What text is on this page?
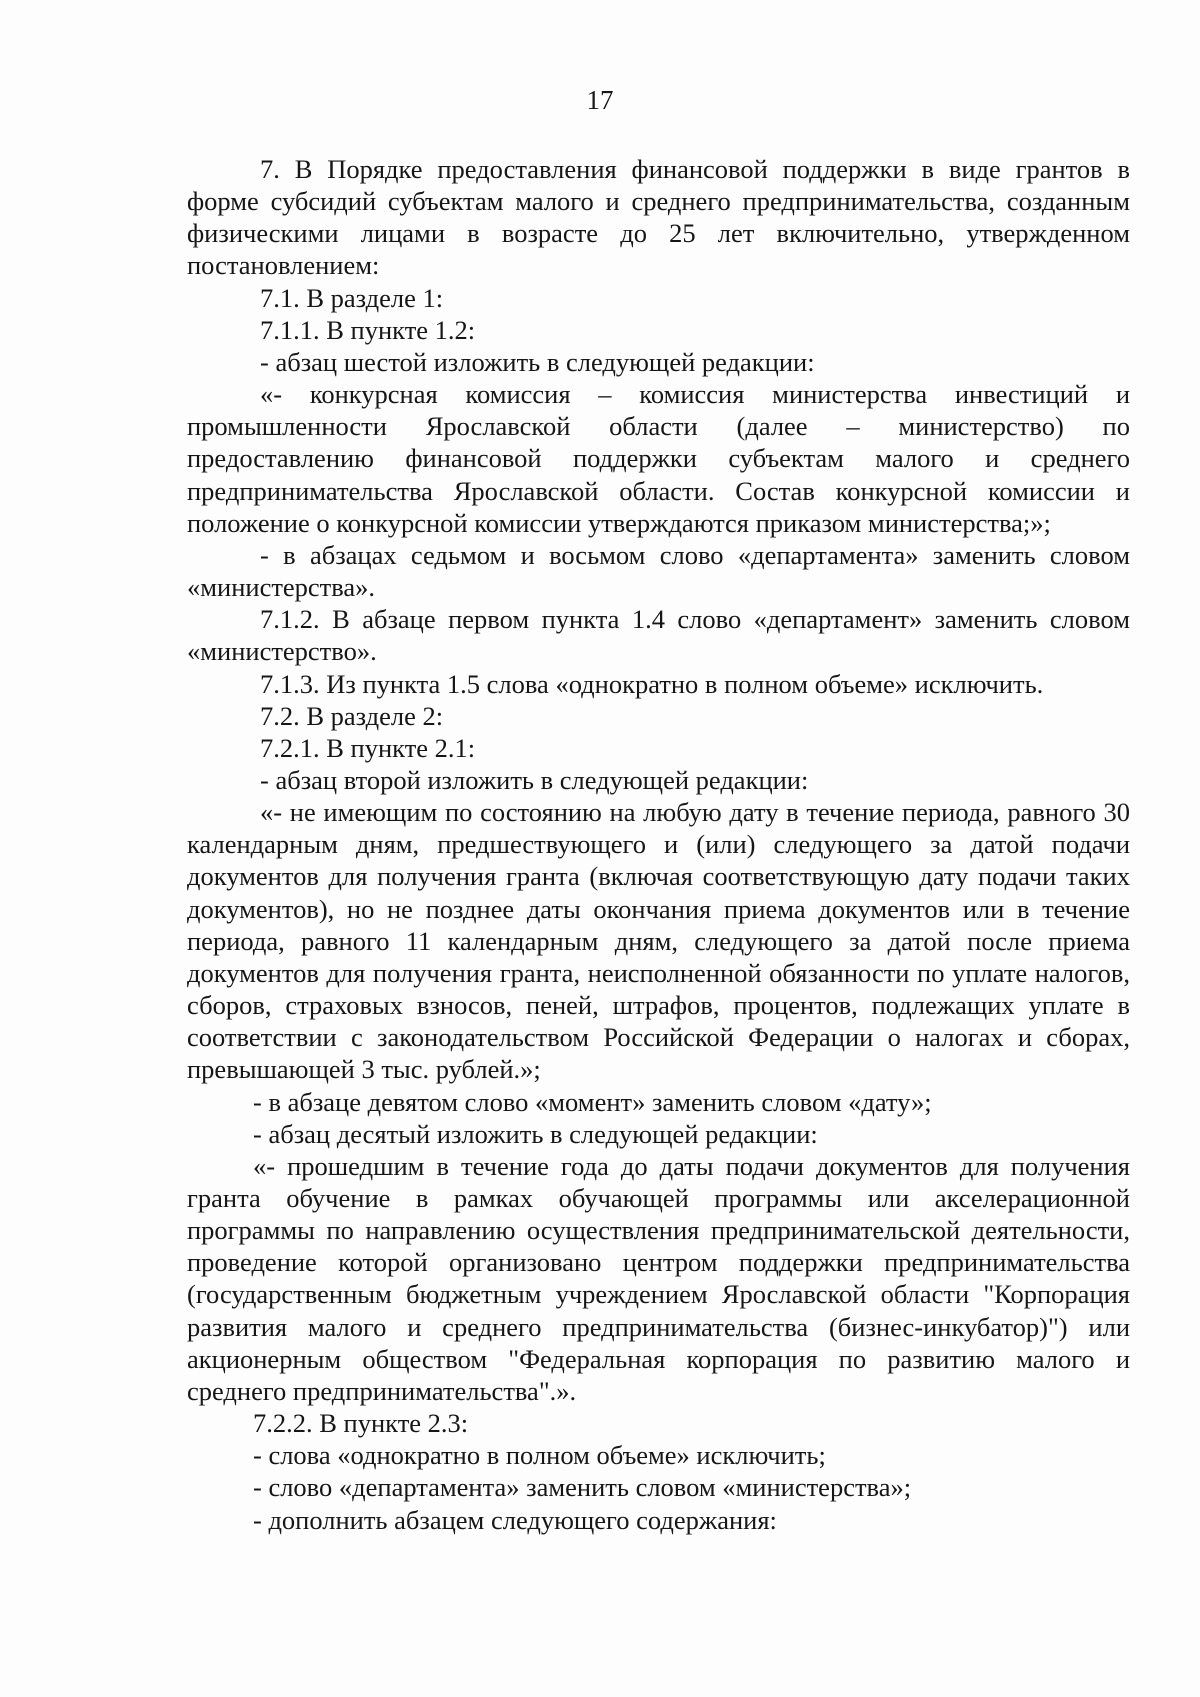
17

7. В Порядке предоставления финансовой поддержки в виде грантов в форме субсидий субъектам малого и среднего предпринимательства, созданным физическими лицами в возрасте до 25 лет включительно, утвержденном постановлением:

7.1. В разделе 1:

7.1.1. В пункте 1.2:

- абзац шестой изложить в следующей редакции:

«- конкурсная комиссия – комиссия министерства инвестиций и промышленности Ярославской области (далее – министерство) по предоставлению финансовой поддержки субъектам малого и среднего предпринимательства Ярославской области. Состав конкурсной комиссии и положение о конкурсной комиссии утверждаются приказом министерства;»;

- в абзацах седьмом и восьмом слово «департамента» заменить словом «министерства».

7.1.2. В абзаце первом пункта 1.4 слово «департамент» заменить словом «министерство».

7.1.3. Из пункта 1.5 слова «однократно в полном объеме» исключить.

7.2. В разделе 2:

7.2.1. В пункте 2.1:

- абзац второй изложить в следующей редакции:

«- не имеющим по состоянию на любую дату в течение периода, равного 30 календарным дням, предшествующего и (или) следующего за датой подачи документов для получения гранта (включая соответствующую дату подачи таких документов), но не позднее даты окончания приема документов или в течение периода, равного 11 календарным дням, следующего за датой после приема документов для получения гранта, неисполненной обязанности по уплате налогов, сборов, страховых взносов, пеней, штрафов, процентов, подлежащих уплате в соответствии с законодательством Российской Федерации о налогах и сборах, превышающей 3 тыс. рублей.»;

- в абзаце девятом слово «момент» заменить словом «дату»;

- абзац десятый изложить в следующей редакции:

«- прошедшим в течение года до даты подачи документов для получения гранта обучение в рамках обучающей программы или акселерационной программы по направлению осуществления предпринимательской деятельности, проведение которой организовано центром поддержки предпринимательства (государственным бюджетным учреждением Ярославской области "Корпорация развития малого и среднего предпринимательства (бизнес-инкубатор)") или акционерным обществом "Федеральная корпорация по развитию малого и среднего предпринимательства".».

7.2.2. В пункте 2.3:

- слова «однократно в полном объеме» исключить;

- слово «департамента» заменить словом «министерства»;

- дополнить абзацем следующего содержания:
